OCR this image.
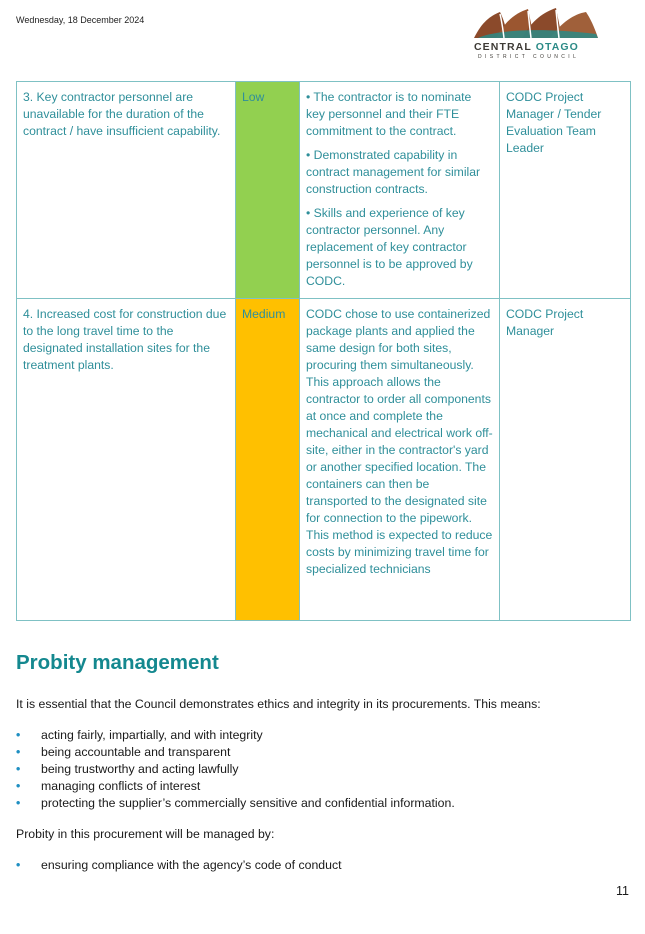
Wednesday, 18 December 2024
CENTRAL OTAGO
DISTRICT COUNCIL
3. Key contractor personnel are unavailable for the duration of the contract / have insufficient capability.	Low	• The contractor is to nominate key personnel and their FTE commitment to the contract.

• Demonstrated capability in contract management for similar construction contracts.

• Skills and experience of key contractor personnel. Any replacement of key contractor personnel is to be approved by CODC.	CODC Project Manager / Tender Evaluation Team Leader
4. Increased cost for construction due to the long travel time to the designated installation sites for the treatment plants.	Medium	CODC chose to use containerized package plants and applied the same design for both sites, procuring them simultaneously. This approach allows the contractor to order all components at once and complete the mechanical and electrical work off-site, either in the contractor's yard or another specified location. The containers can then be transported to the designated site for connection to the pipework. This method is expected to reduce costs by minimizing travel time for specialized technicians	CODC Project Manager
Probity management

It is essential that the Council demonstrates ethics and integrity in its procurements. This means:

• acting fairly, impartially, and with integrity
• being accountable and transparent
• being trustworthy and acting lawfully
• managing conflicts of interest
• protecting the supplier’s commercially sensitive and confidential information.

Probity in this procurement will be managed by:

• ensuring compliance with the agency’s code of conduct
11
